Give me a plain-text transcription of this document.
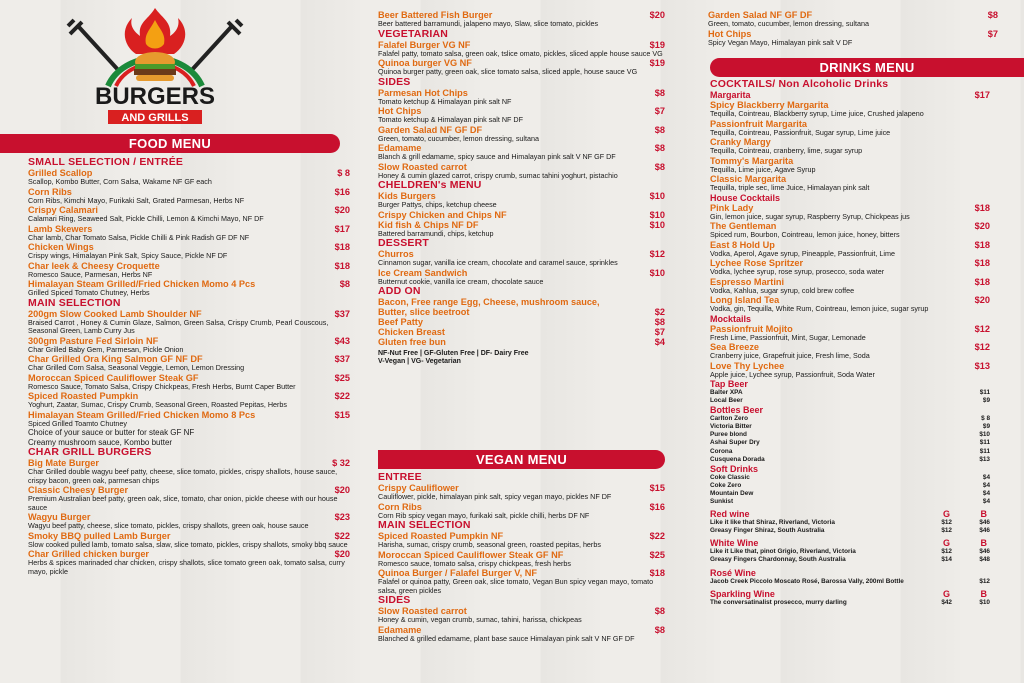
BURGERS
AND GRILLS
FOOD MENU
VEGAN MENU
DRINKS MENU
SMALL SELECTION / ENTRÉE
Grilled Scallop	$ 8
Scallop, Kombo Butter, Corn Salsa, Wakame NF GF each
Corn Ribs	$16
Corn Ribs, Kimchi Mayo, Furikaki Salt, Grated Parmesan, Herbs NF
Crispy Calamari	$20
Calamari Ring, Seaweed Salt, Pickle Chilli, Lemon & Kimchi Mayo, NF DF
Lamb Skewers	$17
Char lamb, Char Tomato Salsa, Pickle Chilli & Pink Radish GF DF NF
Chicken Wings	$18
Crispy wings, Himalayan Pink Salt, Spicy Sauce, Pickle NF DF
Char leek & Cheesy Croquette	$18
Romesco Sauce, Parmesan, Herbs NF
Himalayan Steam Grilled/Fried Chicken Momo 4 Pcs	$8
Grilled Spiced Tomato Chutney, Herbs
MAIN SELECTION
200gm Slow Cooked Lamb Shoulder NF	$37
Braised Carrot , Honey & Cumin Glaze, Salmon, Green Salsa, Crispy Crumb, Pearl Couscous, Seasonal Green, Lamb Curry Jus
300gm Pasture Fed Sirloin NF	$43
Char Grilled Baby Gem, Parmesan, Pickle Onion
Char Grilled Ora King Salmon GF NF DF	$37
Char Grilled Corn Salsa, Seasonal Veggie, Lemon, Lemon Dressing
Moroccan Spiced Cauliflower Steak GF	$25
Romesco Sauce, Tomato Salsa, Crispy Chickpeas, Fresh Herbs, Burnt Caper Butter
Spiced Roasted Pumpkin	$22
Yoghurt, Zaatar, Sumac, Crispy Crumb, Seasonal Green, Roasted Pepitas, Herbs
Himalayan Steam Grilled/Fried Chicken Momo 8 Pcs	$15
Spiced Grilled Toamto Chutney
Choice of your sauce or butter for steak GF NF
Creamy mushroom sauce, Kombo butter
CHAR GRILL BURGERS
Big Mate Burger	$ 32
Char Grilled double wagyu beef patty, cheese, slice tomato, pickles, crispy shallots, house sauce, crispy bacon, green oak, parmesan chips
Classic Cheesy Burger	$20
Premium Australian beef patty, green oak, slice, tomato, char onion, pickle cheese with our house sauce
Wagyu Burger	$23
Wagyu beef patty, cheese, slice tomato, pickles, crispy shallots, green oak, house sauce
Smoky BBQ pulled Lamb Burger	$22
Slow cooked pulled lamb, tomato salsa, slaw, slice tomato, pickles, crispy shallots, smoky bbq sauce
Char Grilled chicken burger	$20
Herbs & spices marinaded char chicken, crispy shallots, slice tomato green oak, tomato salsa, curry mayo, pickle
Beer Battered Fish Burger	$20
Beer battered barramundi, jalapeno mayo, Slaw, slice tomato, pickles
VEGETARIAN
Falafel Burger VG NF	$19
Falafel patty, tomato salsa, green oak, tslice omato, pickles, sliced apple house sauce VG
Quinoa burger VG NF	$19
Quinoa burger patty, green oak, slice tomato salsa, sliced apple, house sauce VG
SIDES
Parmesan Hot Chips	$8
Tomato ketchup & Himalayan pink salt NF
Hot Chips	$7
Tomato ketchup & Himalayan pink salt NF DF
Garden Salad NF GF DF	$8
Green, tomato, cucumber, lemon dressing, sultana
Edamame	$8
Blanch & grill edamame, spicy sauce and Himalayan pink salt V NF GF DF
Slow Roasted carrot	$8
Honey & cumin glazed carrot, crispy crumb, sumac tahini yoghurt, pistachio
CHELDREN's MENU
Kids Burgers	$10
Burger Pattys, chips, ketchup cheese
Crispy Chicken and Chips NF	$10
Kid fish & Chips NF DF	$10
Battered barramundi, chips, ketchup
DESSERT
Churros	$12
Cinnamon sugar, vanilla ice cream, chocolate and caramel sauce, sprinkles
Ice Cream Sandwich	$10
Butternut cookie, vanilla ice cream, chocolate sauce
ADD ON
Bacon, Free range Egg, Cheese, mushroom sauce,
Butter, slice beetroot	$2
Beef Patty	$8
Chicken Breast	$7
Gluten free bun	$4
NF-Nut Free | GF-Gluten Free | DF- Dairy Free
V-Vegan | VG- Vegetarian
ENTREE
Crispy Cauliflower	$15
Cauliflower, pickle, himalayan pink salt, spicy vegan mayo, pickles NF DF
Corn Ribs	$16
Corn Rib spicy vegan mayo, furikaki salt, pickle chilli, herbs DF NF
MAIN SELECTION
Spiced Roasted Pumpkin NF	$22
Harisha, sumac, crispy crumb, seasonal green, roasted pepitas, herbs
Moroccan Spiced Cauliflower Steak GF NF	$25
Romesco sauce, tomato salsa, crispy chickpeas, fresh herbs
Quinoa Burger / Falafel Burger V, NF	$18
Falafel or quinoa patty, Green oak, slice tomato, Vegan Bun spicy vegan mayo, tomato salsa, green pickles
SIDES
Slow Roasted carrot	$8
Honey & cumin, vegan crumb, sumac, tahini, harissa, chickpeas
Edamame	$8
Blanched & grilled edamame, plant base sauce Himalayan pink salt V NF GF DF
Garden Salad NF GF DF	$8
Green, tomato, cucumber, lemon dressing, sultana
Hot Chips	$7
Spicy Vegan Mayo, Himalayan pink salt V DF
COCKTAILS/ Non Alcoholic Drinks
Margarita	$17
Spicy Blackberry Margarita
Tequilla, Cointreau, Blackberry syrup, Lime juice, Crushed jalapeno
Passionfruit Margarita
Tequilla, Cointreau, Passionfruit, Sugar syrup, Lime juice
Cranky Margy
Tequilla, Cointreau, cranberry, lime, sugar syrup
Tommy's Margarita
Tequilla, Lime juice, Agave Syrup
Classic Margarita
Tequilla, triple sec, lime Juice, Himalayan pink salt
House Cocktails
Pink Lady	$18
Gin, lemon juice, sugar syrup, Raspberry Syrup, Chickpeas jus
The Gentleman	$20
Spiced rum, Bourbon, Cointreau, lemon juice, honey, bitters
East 8 Hold Up	$18
Vodka, Aperol, Agave syrup, Pineapple, Passionfruit, Lime
Lychee Rose Spritzer	$18
Vodka, lychee syrup, rose syrup, prosecco, soda water
Espresso Martini	$18
Vodka, Kahlua, sugar syrup, cold brew coffee
Long Island Tea	$20
Vodka, gin, Tequilla, White Rum, Cointreau, lemon juice, sugar syrup
Mocktails
Passionfruit Mojito	$12
Fresh Lime, Passionfruit, Mint, Sugar, Lemonade
Sea Breeze	$12
Cranberry juice, Grapefruit juice, Fresh lime, Soda
Love Thy Lychee	$13
Apple juice, Lychee syrup, Passionfruit, Soda Water
Tap Beer
Balter XPA	$11
Local Beer	$9
Bottles Beer
Carlton Zero	$ 8
Victoria Bitter	$9
Puree blond	$10
Ashai Super Dry	$11
Corona	$11
Cusquena Dorada	$13
Soft Drinks
Coke Classic	$4
Coke Zero	$4
Mountain Dew	$4
Sunkist	$4
Red wine	G	B
Like it like that Shiraz, Riverland, Victoria	$12	$46
Greasy Finger Shiraz, South Australia	$12	$46
White Wine	G	B
Like it Like that, pinot Grigio, Riverland, Victoria	$12	$46
Greasy Fingers Chardonnay, South Australia	$14	$48
Rosé Wine
Jacob Creek Piccolo Moscato Rosé, Barossa Vally, 200ml Bottle	$12
Sparkling Wine	G	B
The conversatinalist prosecco, murry darling	$42	$10
